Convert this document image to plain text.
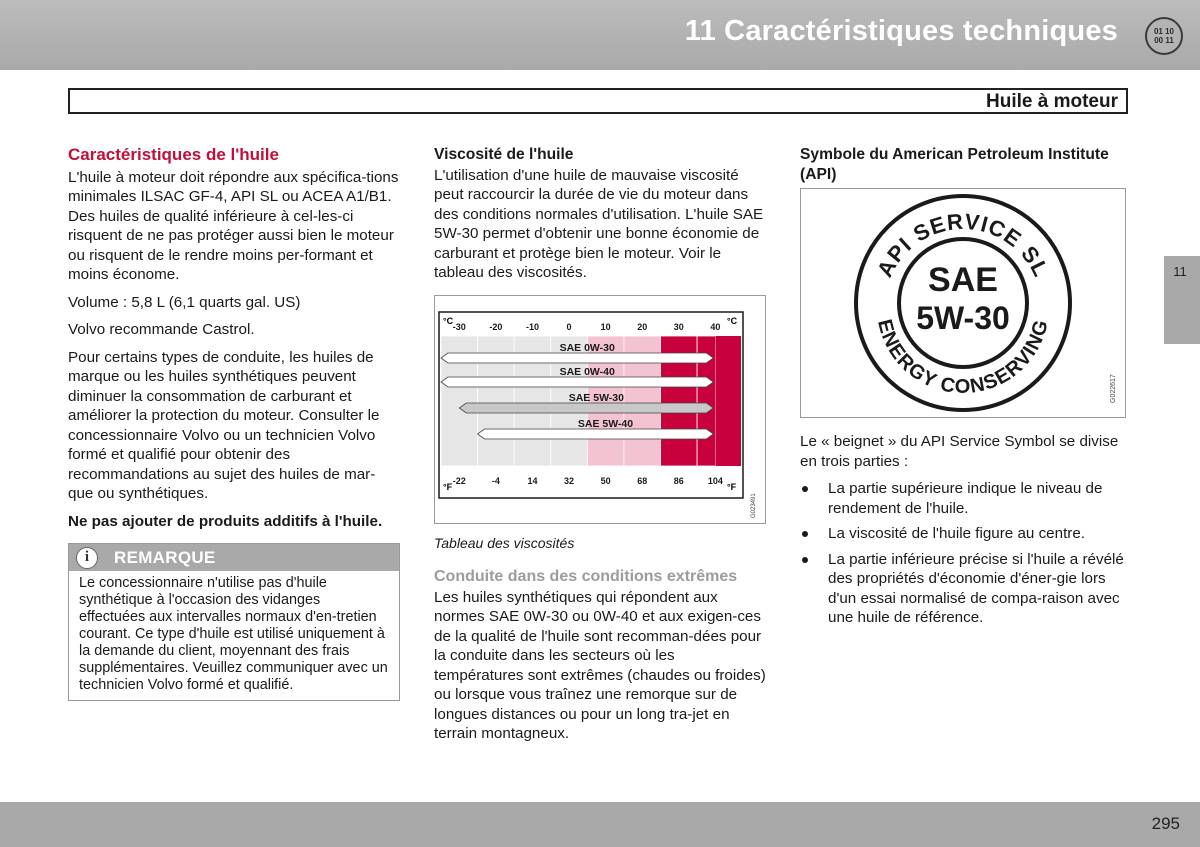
11 Caractéristiques techniques	01 10
00 11
Huile à moteur
11
Caractéristiques de l'huile

L'huile à moteur doit répondre aux spécifica-tions minimales ILSAC GF-4, API SL ou ACEA A1/B1. Des huiles de qualité inférieure à cel-les-ci risquent de ne pas protéger aussi bien le moteur ou risquent de le rendre moins per-formant et moins économe.

Volume : 5,8 L (6,1 quarts gal. US)

Volvo recommande Castrol.

Pour certains types de conduite, les huiles de marque ou les huiles synthétiques peuvent diminuer la consommation de carburant et améliorer la protection du moteur. Consulter le concessionnaire Volvo ou un technicien Volvo formé et qualifié pour obtenir des recommandations au sujet des huiles de mar-que ou synthétiques.

Ne pas ajouter de produits additifs à l'huile.

i	REMARQUE
Le concessionnaire n'utilise pas d'huile synthétique à l'occasion des vidanges effectuées aux intervalles normaux d'en-tretien courant. Ce type d'huile est utilisé uniquement à la demande du client, moyennant des frais supplémentaires. Veuillez communiquer avec un technicien Volvo formé et qualifié.
Viscosité de l'huile

L'utilisation d'une huile de mauvaise viscosité peut raccourcir la durée de vie du moteur dans des conditions normales d'utilisation. L'huile SAE 5W-30 permet d'obtenir une bonne économie de carburant et protège bien le moteur. Voir le tableau des viscosités.

-30	-20	-10	0	10	20	30	40
-22	-4	14	32	50	68	86	104
°C	°C
°F	°F
SAE 0W-30
SAE 0W-40
SAE 5W-30
SAE 5W-40
G023491
Tableau des viscosités
Conduite dans des conditions extrêmes

Les huiles synthétiques qui répondent aux normes SAE 0W-30 ou 0W-40 et aux exigen-ces de la qualité de l'huile sont recomman-dées pour la conduite dans les secteurs où les températures sont extrêmes (chaudes ou froides) ou lorsque vous traînez une remorque sur de longues distances ou pour un long tra-jet en terrain montagneux.

Symbole du American Petroleum Institute (API)
API SERVICE SL
ENERGY CONSERVING
SAE
5W-30
G022617

Le « beignet » du API Service Symbol se divise en trois parties :

La partie supérieure indique le niveau de rendement de l'huile.
La viscosité de l'huile figure au centre.
La partie inférieure précise si l'huile a révélé des propriétés d'économie d'éner-gie lors d'un essai normalisé de compa-raison avec une huile de référence.
295
